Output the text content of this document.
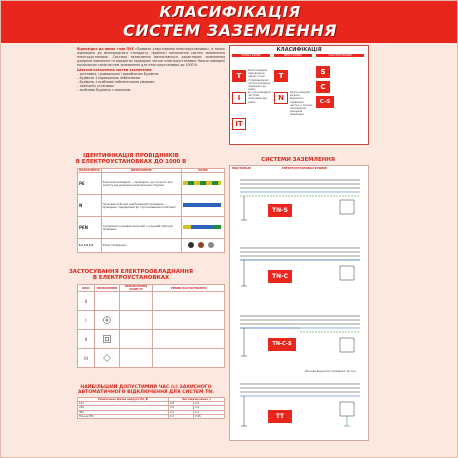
КЛАСИФІКАЦІЯ
СИСТЕМ ЗАЗЕМЛЕННЯ
Відповідно до вимог глав ПУЕ «Правила улаштування електроустановок», а також відповідно до міжнародного стандарту, прийняті позначення систем заземлення електроустановок. Системи заземлення визначаються характером заземлення джерела живлення та відкритих провідних частин електроустановки. Нижче наведені позначення типів систем заземлення для електроустановок до 1000 В.
Шляхом позначення систем заземлення:
– житлових, громадських і виробничих будівель
– будівель з підвищеною небезпекою
– будівель з особливо небезпечними умовами
– зовнішніх установок
– особливо будівель з мережею
КЛАСИФІКАЦІЯ
ПЕРША БУКВА	ДРУГА БУКВА	НАСТУПНІ БУКВИ
T
I
IT
T
N
S
C
C-S
безпосереднє приєднання однієї точки струмоведучих частин джерела живлення до землі
всі струмоведучі частини ізольовані від землі
безпосередній зв'язок відкритих провідних частин з точкою заземлення джерела живлення
ІДЕНТИФІКАЦІЯ ПРОВІДНИКІВ
В ЕЛЕКТРОУСТАНОВКАХ ДО 1000 В
ПОЗНАЧЕННЯ	ВИЗНАЧЕННЯ	КОЛІР
PE	Захисний провідник — провідник, що служить для захисту від ураження електричним струмом	
N	Нульовий робочий (нейтральний) провідник — провідник, приєднаний до глухозаземленої нейтралі	
PEN	Суміщений нульовий захисний і нульовий робочий провідник	
L1 L2 L3	Фазні провідники	
ЗАСТОСУВАННЯ ЕЛЕКТРООБЛАДНАННЯ
В ЕЛЕКТРОУСТАНОВКАХ
КЛАС	ПОЗНАЧЕННЯ	ПРИЗНАЧЕННЯ ЗАХИСТУ	УМОВИ ЗАСТОСУВАННЯ
0			
I			
II			
III			
НАЙБІЛЬШИЙ ДОПУСТИМИЙ ЧАС (с) ЗАХИСНОГО
АВТОМАТИЧНОГО ВІДКЛЮЧЕННЯ ДЛЯ СИСТЕМ TN:
Номінальна фазна напруга U0, В	Час відключення, с	
127	0,8	0,4
220	0,4	0,2
380	0,2	0,1
Понад 380	0,1	0,05
СИСТЕМИ ЗАЗЕМЛЕННЯ
ПІДСТАНЦІЯ	ЕЛЕКТРОУСТАНОВКА БУДІВЛІ
TN-S
TN-C
TN-C-S
TT
Легенда відкритих провідних частин
